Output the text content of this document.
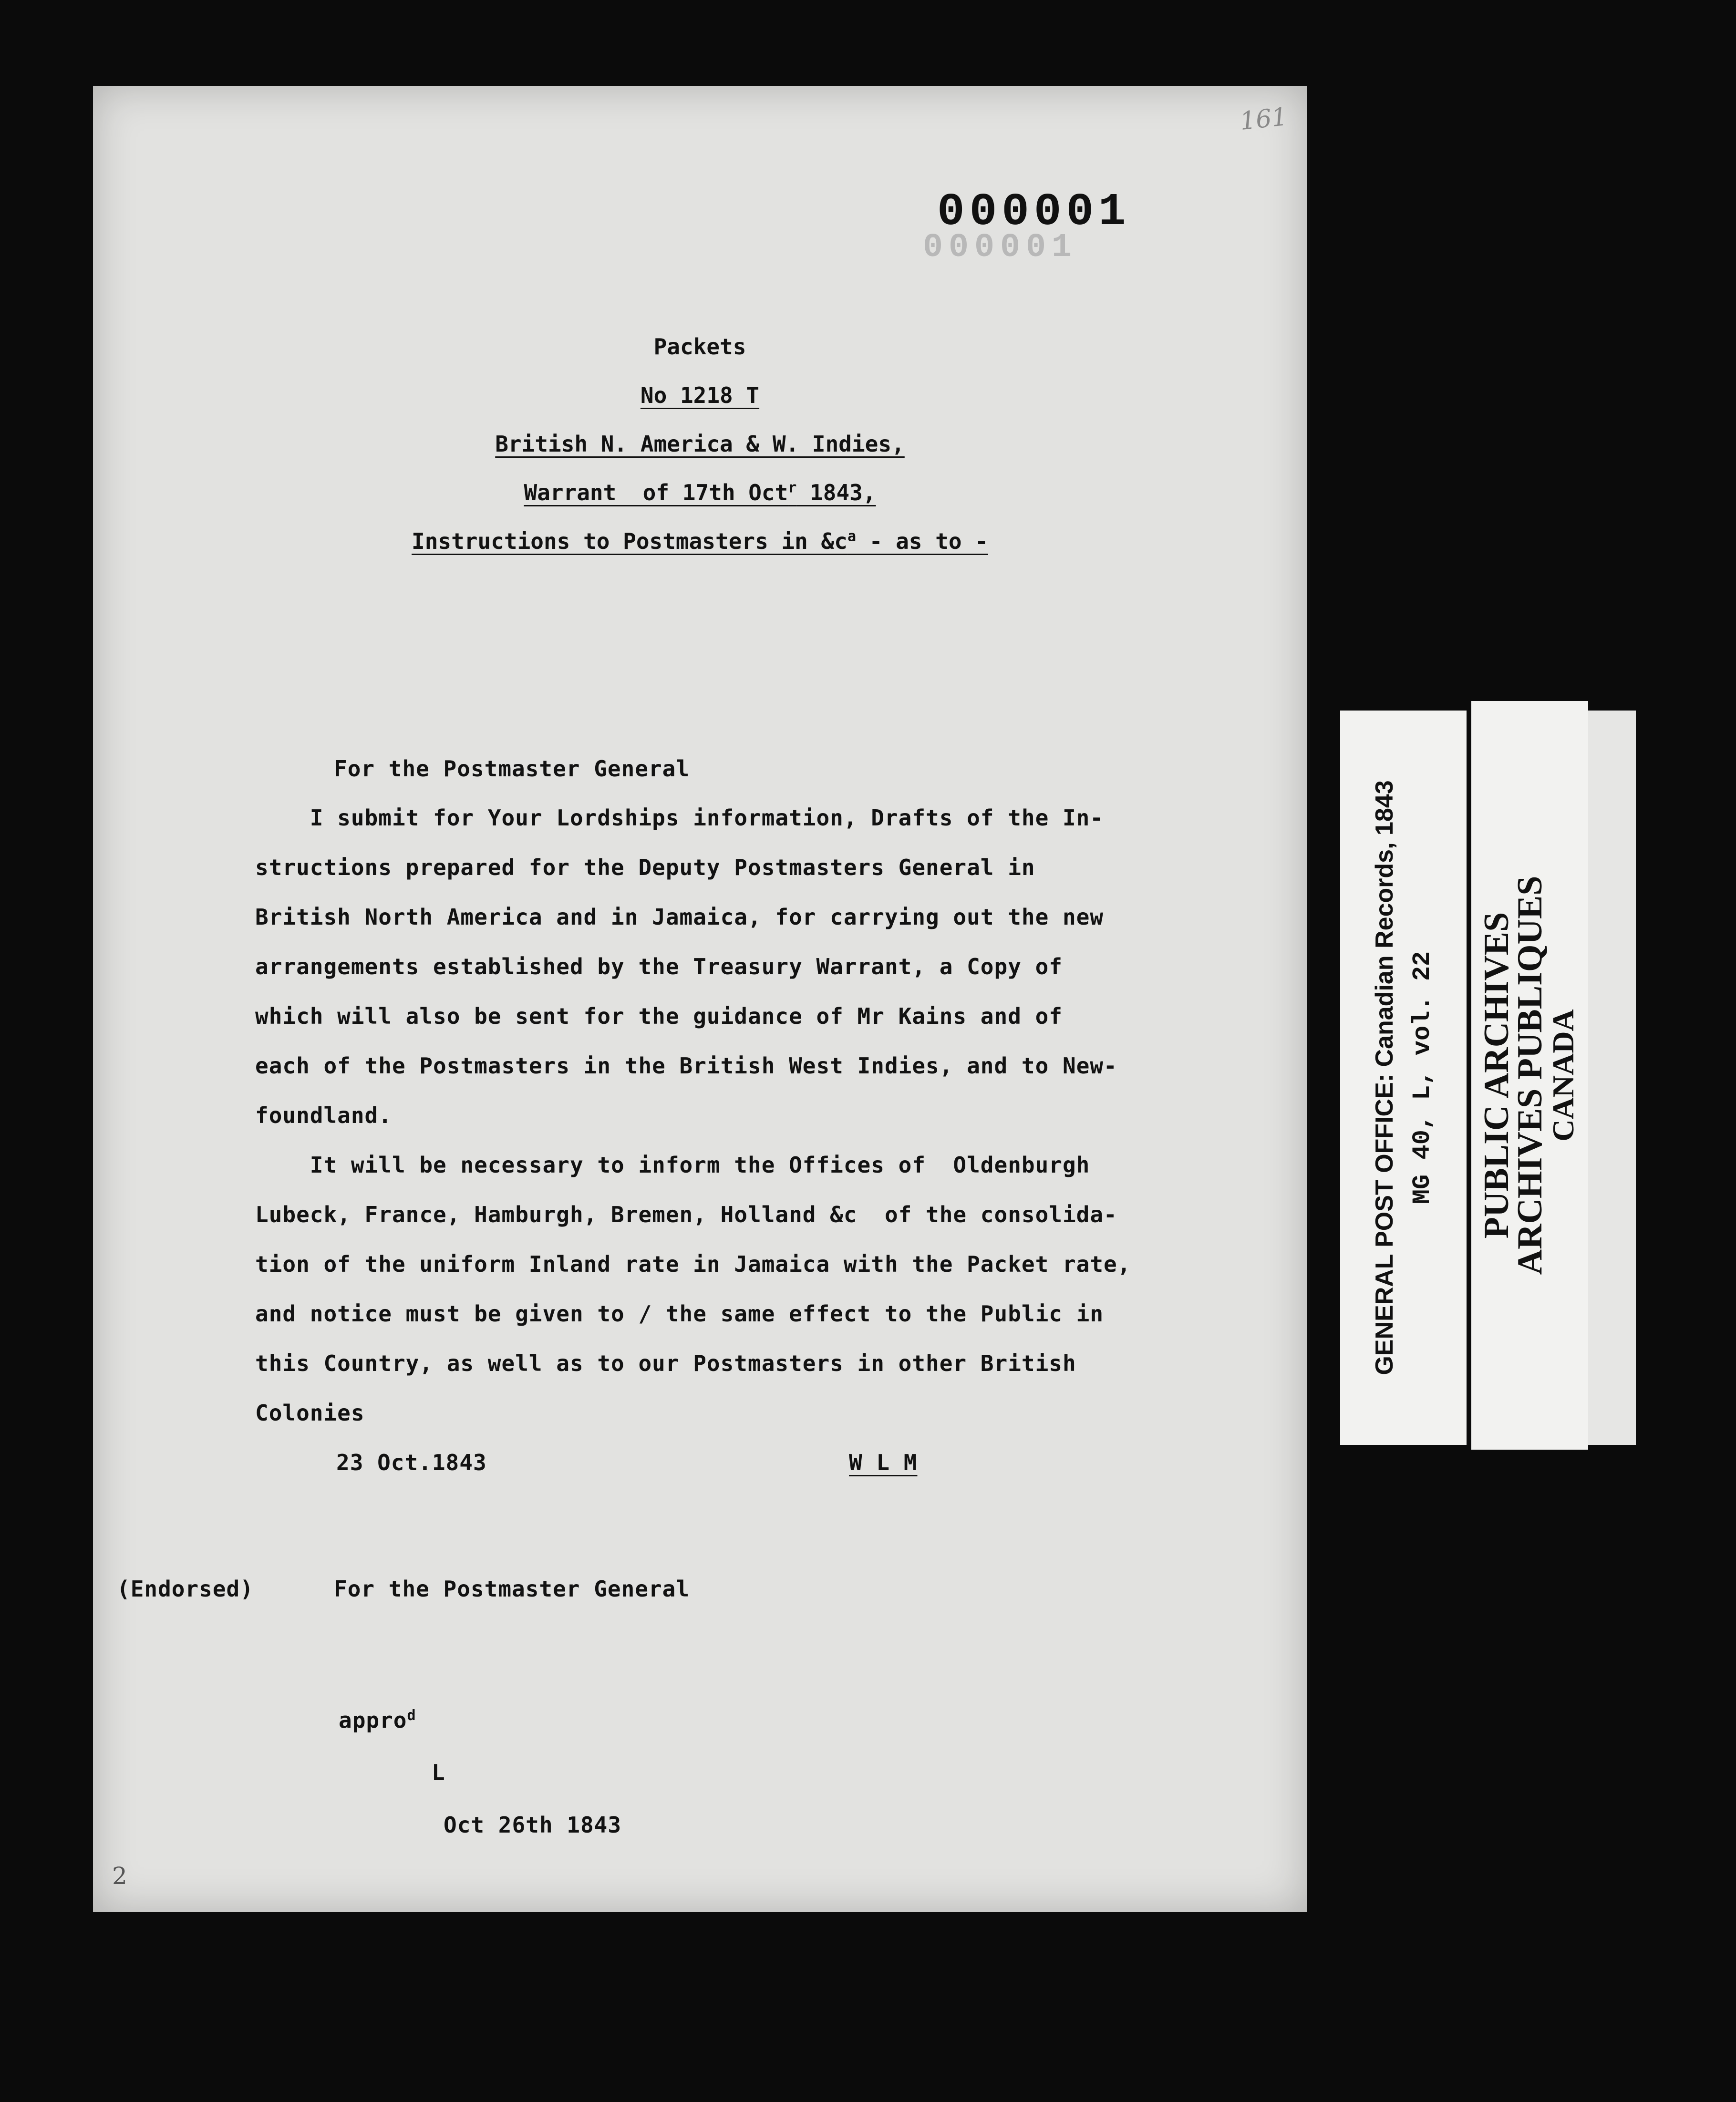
161
000001
000001
Packets
No 1218 T
British N. America & W. Indies,
Warrant  of 17th Oct$^r$ 1843,
Instructions to Postmasters in $\&c^a$ - as to -
For the Postmaster General
I submit for Your Lordships information, Drafts of the In-
structions prepared for the Deputy Postmasters General in
British North America and in Jamaica, for carrying out the new
arrangements established by the Treasury Warrant, a Copy of
which will also be sent for the guidance of Mr Kains and of
each of the Postmasters in the British West Indies, and to New-
foundland.
It will be necessary to inform the Offices of  Oldenburgh
Lubeck, France, Hamburgh, Bremen, Holland &c  of the consolida-
tion of the uniform Inland rate in Jamaica with the Packet rate,
and notice must be given to / the same effect to the Public in
this Country, as well as to our Postmasters in other British
Colonies
23 Oct.1843	W L M
(Endorsed)	For the Postmaster General
appro$^d$
L
Oct 26th 1843
2
GENERAL POST OFFICE: Canadian Records, 1843 MG 40, L, vol. 22 PUBLIC ARCHIVES
ARCHIVES PUBLIQUES
CANADA
